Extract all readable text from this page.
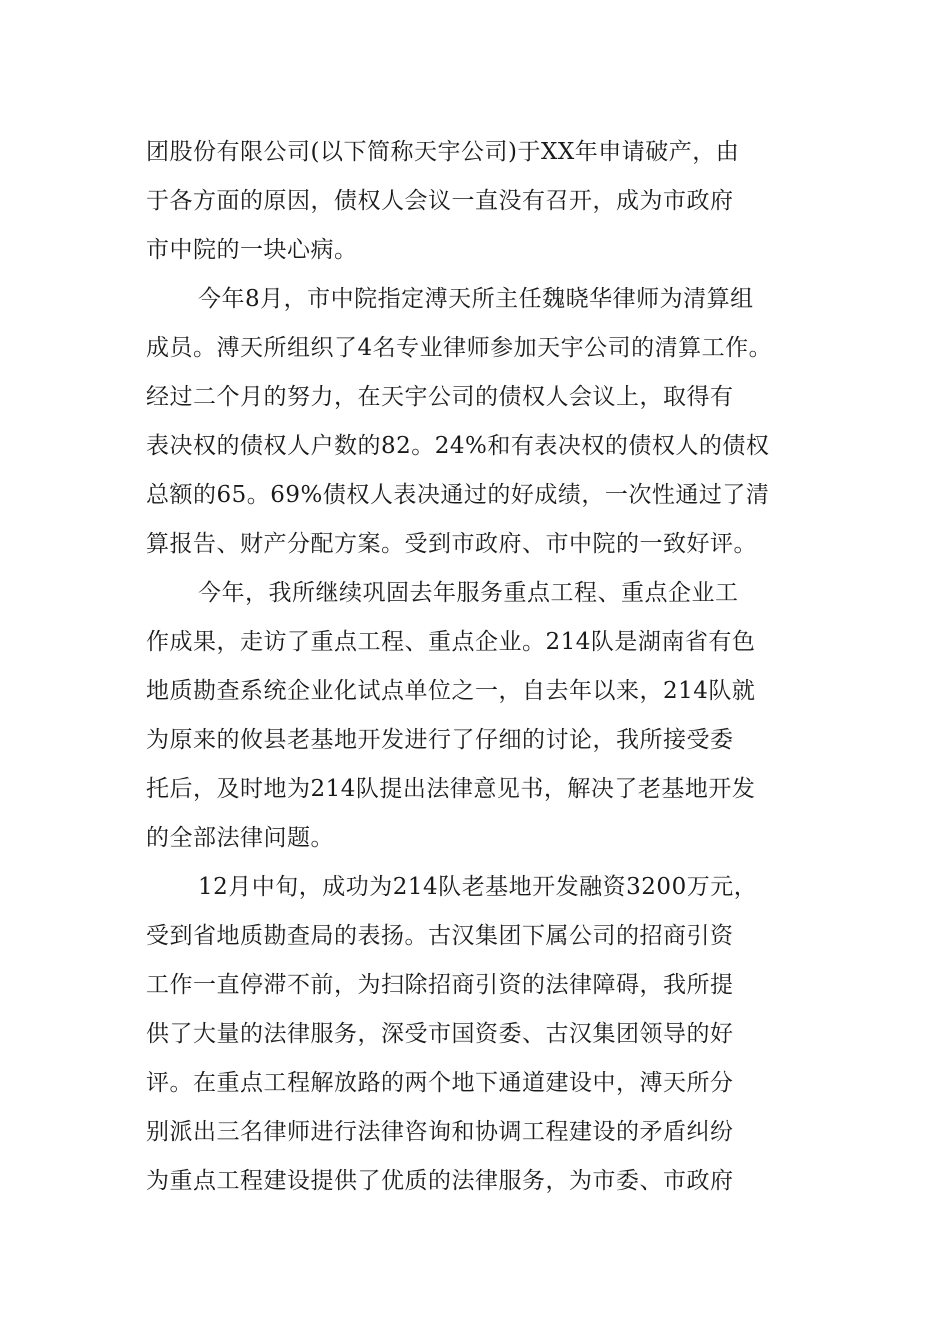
团股份有限公司(以下简称天宇公司)于XX年申请破产，由
于各方面的原因，债权人会议一直没有召开，成为市政府
市中院的一块心病。
今年8月，市中院指定溥天所主任魏晓华律师为清算组
成员。溥天所组织了4名专业律师参加天宇公司的清算工作。
经过二个月的努力，在天宇公司的债权人会议上，取得有
表决权的债权人户数的82。24%和有表决权的债权人的债权
总额的65。69%债权人表决通过的好成绩，一次性通过了清
算报告、财产分配方案。受到市政府、市中院的一致好评。
今年，我所继续巩固去年服务重点工程、重点企业工
作成果，走访了重点工程、重点企业。214队是湖南省有色
地质勘查系统企业化试点单位之一，自去年以来，214队就
为原来的攸县老基地开发进行了仔细的讨论，我所接受委
托后，及时地为214队提出法律意见书，解决了老基地开发
的全部法律问题。
12月中旬，成功为214队老基地开发融资3200万元，
受到省地质勘查局的表扬。古汉集团下属公司的招商引资
工作一直停滞不前，为扫除招商引资的法律障碍，我所提
供了大量的法律服务，深受市国资委、古汉集团领导的好
评。在重点工程解放路的两个地下通道建设中，溥天所分
别派出三名律师进行法律咨询和协调工程建设的矛盾纠纷
为重点工程建设提供了优质的法律服务，为市委、市政府
